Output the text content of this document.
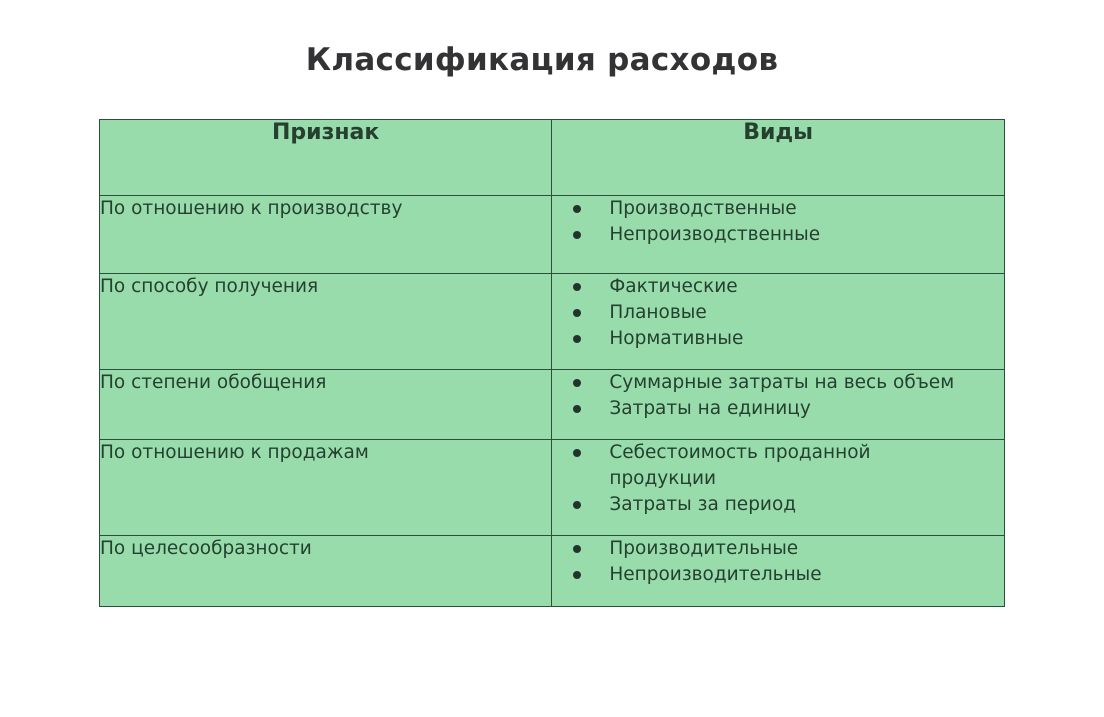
Классификация расходов
Признак	Виды
По отношению к производству	Производственные
Непроизводственные

По способу получения	Фактические
Плановые
Нормативные

По степени обобщения	Суммарные затраты на весь объем
Затраты на единицу

По отношению к продажам	Себестоимость проданной продукции
Затраты за период

По целесообразности	Производительные
Непроизводительные
